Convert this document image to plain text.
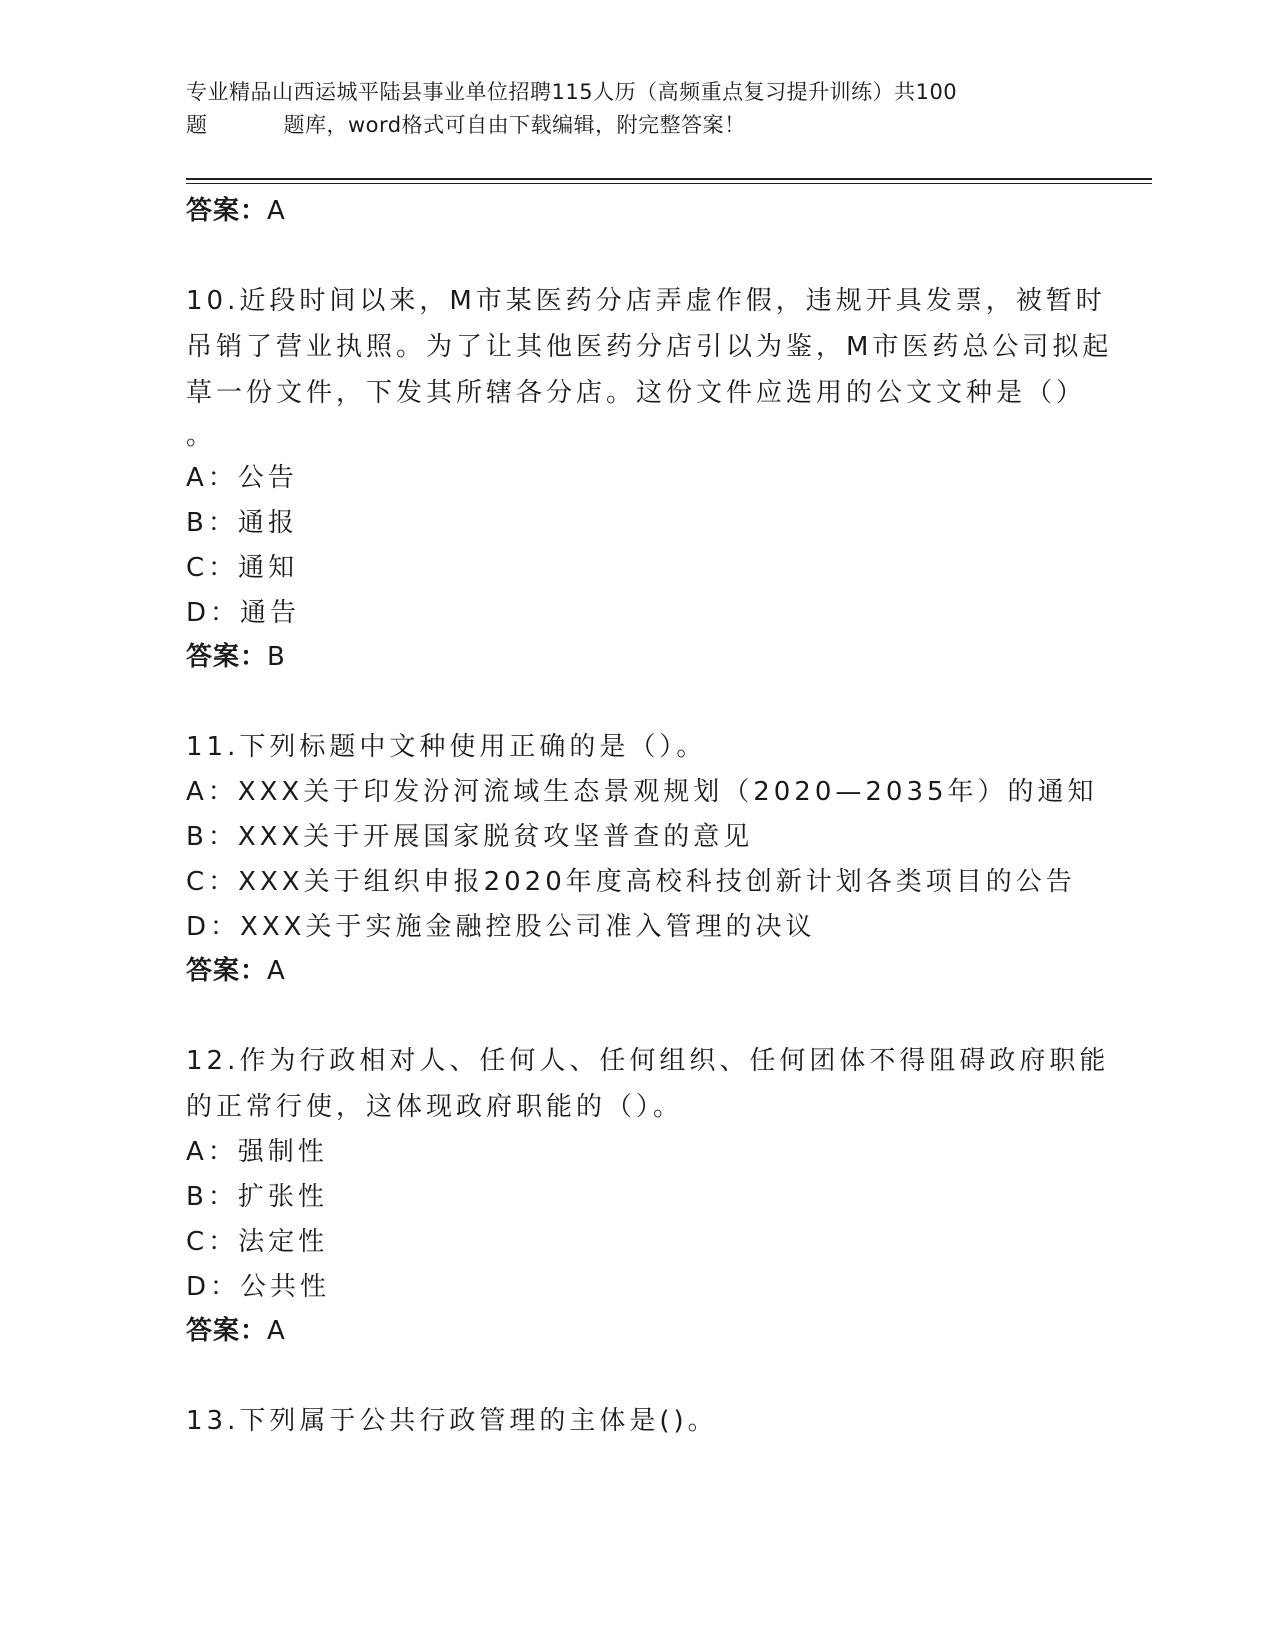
专业精品山西运城平陆县事业单位招聘115人历（高频重点复习提升训练）共100
题	题库，word格式可自由下载编辑，附完整答案！
答案：A
10.近段时间以来，M市某医药分店弄虚作假，违规开具发票，被暂时
吊销了营业执照。为了让其他医药分店引以为鉴，M市医药总公司拟起
草一份文件，下发其所辖各分店。这份文件应选用的公文文种是（）
。
A：公告
B：通报
C：通知
D：通告
答案：B
11.下列标题中文种使用正确的是（）。
A：XXX关于印发汾河流域生态景观规划（2020—2035年）的通知
B：XXX关于开展国家脱贫攻坚普查的意见
C：XXX关于组织申报2020年度高校科技创新计划各类项目的公告
D：XXX关于实施金融控股公司准入管理的决议
答案：A
12.作为行政相对人、任何人、任何组织、任何团体不得阻碍政府职能
的正常行使，这体现政府职能的（）。
A：强制性
B：扩张性
C：法定性
D：公共性
答案：A
13.下列属于公共行政管理的主体是()。
